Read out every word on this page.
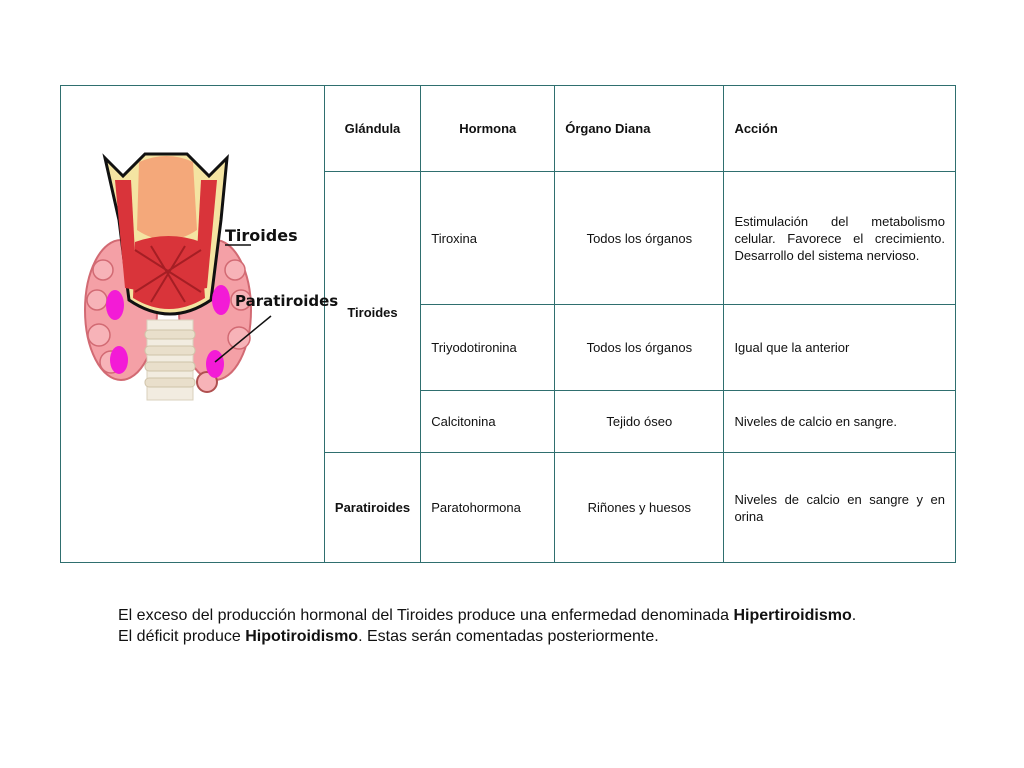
Tiroides
Paratiroides	Glándula	Hormona	Órgano Diana	Acción
	Tiroides	Tiroxina	Todos los órganos	Estimulación del metabolismo celular. Favorece el crecimiento. Desarrollo del sistema nervioso.
		Triyodotironina	Todos los órganos	Igual que la anterior
		Calcitonina	Tejido óseo	Niveles de calcio en sangre.
	Paratiroides	Paratohormona	Riñones y huesos	Niveles de calcio en sangre y en orina
El exceso del producción hormonal del Tiroides produce una enfermedad denominada Hipertiroidismo.
El déficit produce Hipotiroidismo. Estas serán comentadas posteriormente.
